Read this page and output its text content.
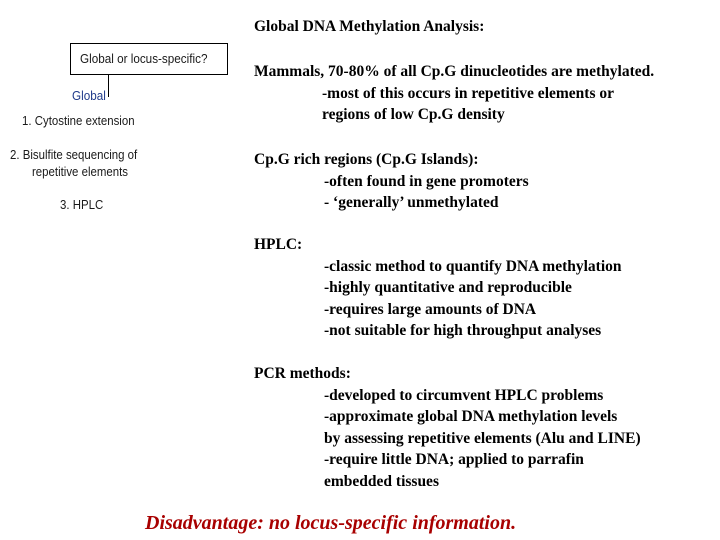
Global DNA Methylation Analysis:
Global or locus-specific?
Global
1. Cytostine extension
2. Bisulfite sequencing of
repetitive elements
3. HPLC
Mammals, 70-80% of all Cp.G dinucleotides are methylated.
-most of this occurs in repetitive elements or
regions of low Cp.G density
Cp.G rich regions (Cp.G Islands):
-often found in gene promoters
- ‘generally’ unmethylated
HPLC:
-classic method to quantify DNA methylation
-highly quantitative and reproducible
-requires large amounts of DNA
-not suitable for high throughput analyses
PCR methods:
-developed to circumvent HPLC problems
-approximate global DNA methylation levels
by assessing repetitive elements (Alu and LINE)
-require little DNA; applied to parrafin
embedded tissues
Disadvantage: no locus-specific information.
